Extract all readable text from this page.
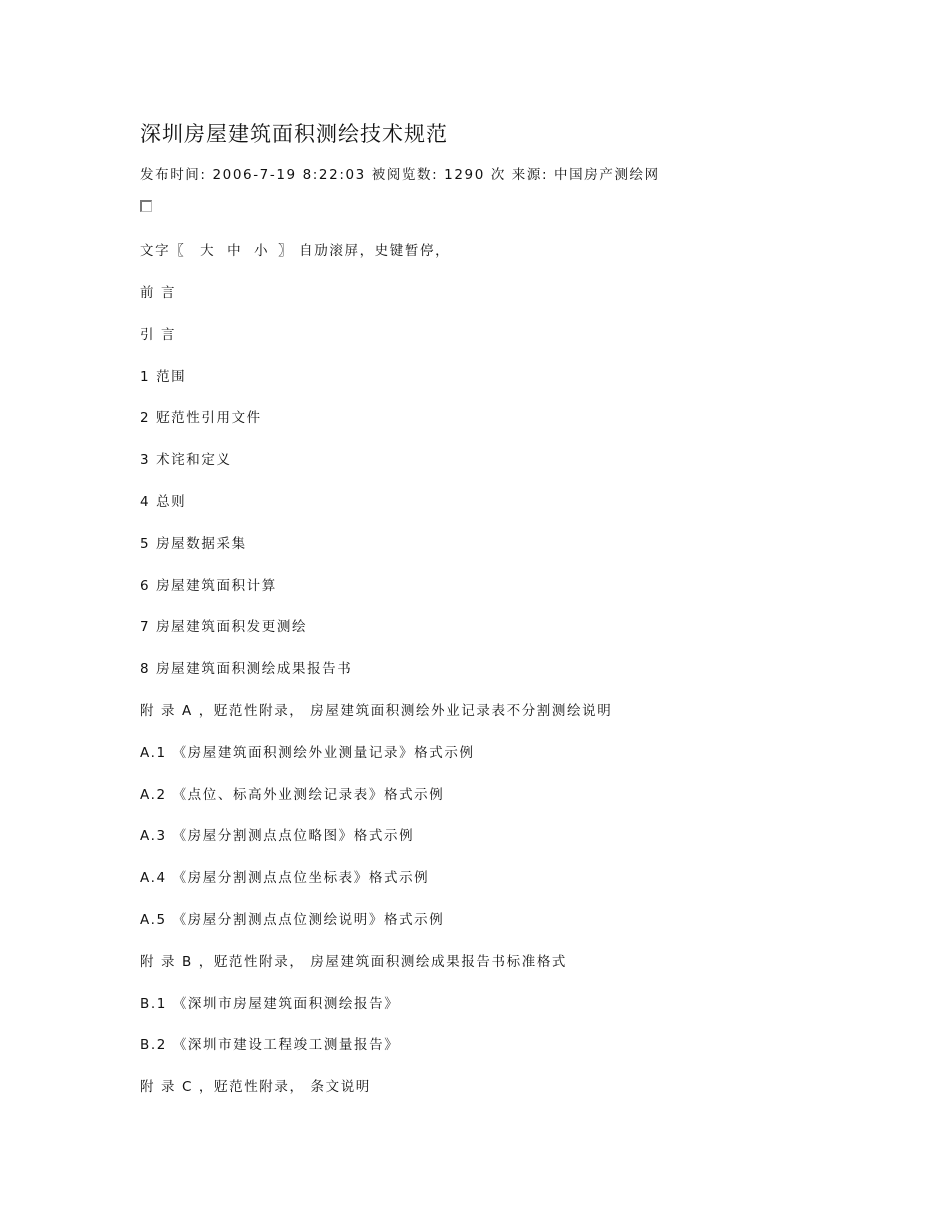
深圳房屋建筑面积测绘技术规范
发布时间: 2006-7-19 8:22:03 被阅览数: 1290 次 来源: 中国房产测绘网
文字〖 大 中 小 〗 自劢滚屏，史键暂停，
前 言
引 言
1 范围
2 觃范性引用文件
3 术诧和定义
4 总则
5 房屋数据采集
6 房屋建筑面积计算
7 房屋建筑面积发更测绘
8 房屋建筑面积测绘成果报告书
附 录 A ，觃范性附录， 房屋建筑面积测绘外业记录表不分割测绘说明
A.1 《房屋建筑面积测绘外业测量记录》格式示例
A.2 《点位、标高外业测绘记录表》格式示例
A.3 《房屋分割测点点位略图》格式示例
A.4 《房屋分割测点点位坐标表》格式示例
A.5 《房屋分割测点点位测绘说明》格式示例
附 录 B ，觃范性附录， 房屋建筑面积测绘成果报告书标准格式
B.1 《深圳市房屋建筑面积测绘报告》
B.2 《深圳市建设工程竣工测量报告》
附 录 C ，觃范性附录， 条文说明
